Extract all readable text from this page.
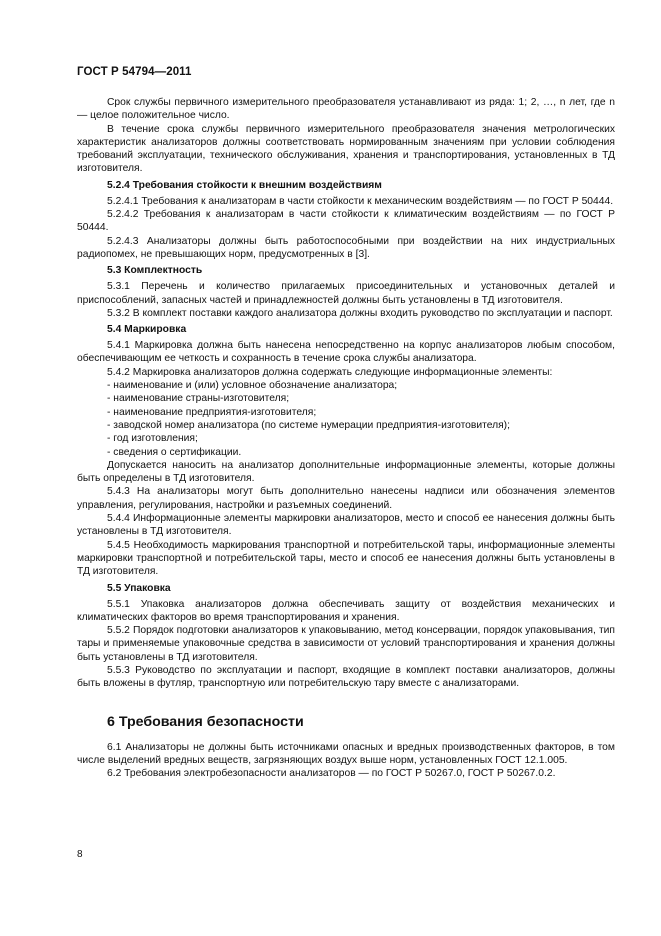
ГОСТ Р 54794—2011

Срок службы первичного измерительного преобразователя устанавливают из ряда: 1; 2, …, n лет, где n — целое положительное число.

В течение срока службы первичного измерительного преобразователя значения метрологических характеристик анализаторов должны соответствовать нормированным значениям при условии соблюдения требований эксплуатации, технического обслуживания, хранения и транспортирования, установленных в ТД изготовителя.

5.2.4 Требования стойкости к внешним воздействиям

5.2.4.1 Требования к анализаторам в части стойкости к механическим воздействиям — по ГОСТ Р 50444.

5.2.4.2 Требования к анализаторам в части стойкости к климатическим воздействиям — по ГОСТ Р 50444.

5.2.4.3 Анализаторы должны быть работоспособными при воздействии на них индустриальных радиопомех, не превышающих норм, предусмотренных в [3].

5.3 Комплектность

5.3.1 Перечень и количество прилагаемых присоединительных и установочных деталей и приспособлений, запасных частей и принадлежностей должны быть установлены в ТД изготовителя.

5.3.2 В комплект поставки каждого анализатора должны входить руководство по эксплуатации и паспорт.

5.4 Маркировка

5.4.1 Маркировка должна быть нанесена непосредственно на корпус анализаторов любым способом, обеспечивающим ее четкость и сохранность в течение срока службы анализатора.

5.4.2 Маркировка анализаторов должна содержать следующие информационные элементы:

- наименование и (или) условное обозначение анализатора;

- наименование страны-изготовителя;

- наименование предприятия-изготовителя;

- заводской номер анализатора (по системе нумерации предприятия-изготовителя);

- год изготовления;

- сведения о сертификации.

Допускается наносить на анализатор дополнительные информационные элементы, которые должны быть определены в ТД изготовителя.

5.4.3 На анализаторы могут быть дополнительно нанесены надписи или обозначения элементов управления, регулирования, настройки и разъемных соединений.

5.4.4 Информационные элементы маркировки анализаторов, место и способ ее нанесения должны быть установлены в ТД изготовителя.

5.4.5 Необходимость маркирования транспортной и потребительской тары, информационные элементы маркировки транспортной и потребительской тары, место и способ ее нанесения должны быть установлены в ТД изготовителя.

5.5 Упаковка

5.5.1 Упаковка анализаторов должна обеспечивать защиту от воздействия механических и климатических факторов во время транспортирования и хранения.

5.5.2 Порядок подготовки анализаторов к упаковыванию, метод консервации, порядок упаковывания, тип тары и применяемые упаковочные средства в зависимости от условий транспортирования и хранения должны быть установлены в ТД изготовителя.

5.5.3 Руководство по эксплуатации и паспорт, входящие в комплект поставки анализаторов, должны быть вложены в футляр, транспортную или потребительскую тару вместе с анализаторами.

6 Требования безопасности

6.1 Анализаторы не должны быть источниками опасных и вредных производственных факторов, в том числе выделений вредных веществ, загрязняющих воздух выше норм, установленных ГОСТ 12.1.005.

6.2 Требования электробезопасности анализаторов — по ГОСТ Р 50267.0, ГОСТ Р 50267.0.2.

8
